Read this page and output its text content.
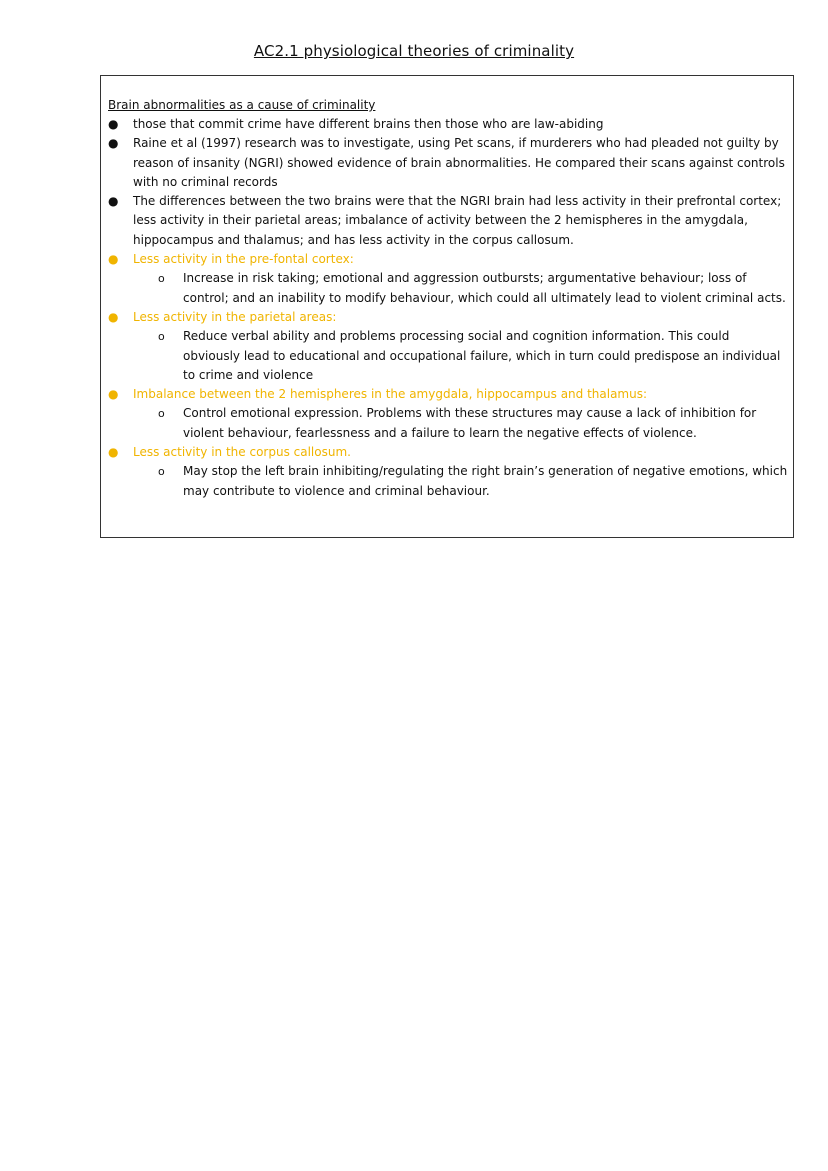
AC2.1 physiological theories of criminality
Brain abnormalities as a cause of criminality
● those that commit crime have different brains then those who are law-abiding
● Raine et al (1997) research was to investigate, using Pet scans, if murderers who had pleaded not guilty by reason of insanity (NGRI) showed evidence of brain abnormalities. He compared their scans against controls with no criminal records
● The differences between the two brains were that the NGRI brain had less activity in their prefrontal cortex; less activity in their parietal areas; imbalance of activity between the 2 hemispheres in the amygdala, hippocampus and thalamus; and has less activity in the corpus callosum.
● Less activity in the pre-fontal cortex:
o Increase in risk taking; emotional and aggression outbursts; argumentative behaviour; loss of control; and an inability to modify behaviour, which could all ultimately lead to violent criminal acts.
● Less activity in the parietal areas:
o Reduce verbal ability and problems processing social and cognition information. This could obviously lead to educational and occupational failure, which in turn could predispose an individual to crime and violence
● Imbalance between the 2 hemispheres in the amygdala, hippocampus and thalamus:
o Control emotional expression. Problems with these structures may cause a lack of inhibition for violent behaviour, fearlessness and a failure to learn the negative effects of violence.
● Less activity in the corpus callosum.
o May stop the left brain inhibiting/regulating the right brain’s generation of negative emotions, which may contribute to violence and criminal behaviour.
